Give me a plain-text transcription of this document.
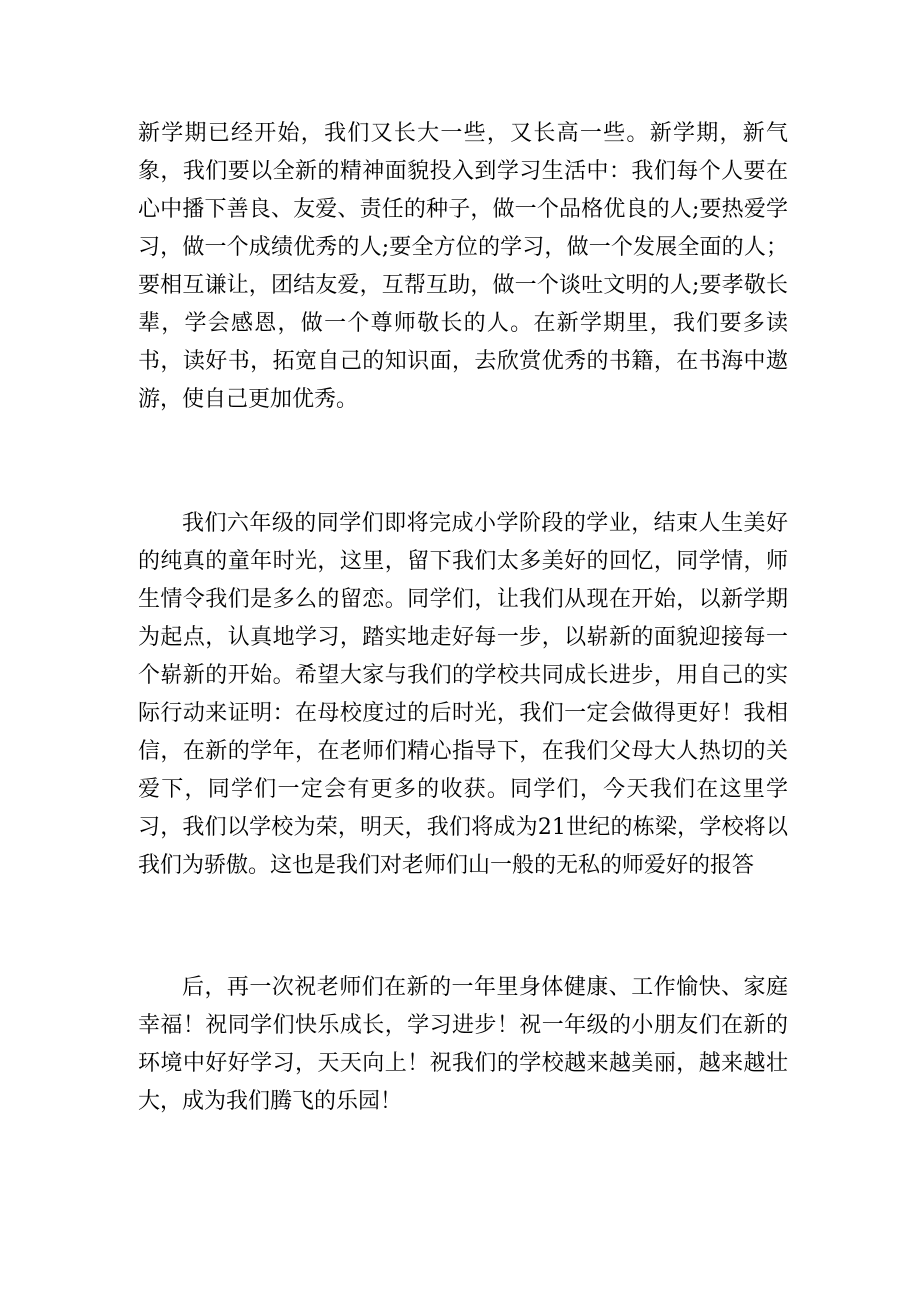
新学期已经开始，我们又长大一些，又长高一些。新学期，新气象，我们要以全新的精神面貌投入到学习生活中：我们每个人要在心中播下善良、友爱、责任的种子，做一个品格优良的人;要热爱学习，做一个成绩优秀的人;要全方位的学习，做一个发展全面的人；要相互谦让，团结友爱，互帮互助，做一个谈吐文明的人;要孝敬长辈，学会感恩，做一个尊师敬长的人。在新学期里，我们要多读书，读好书，拓宽自己的知识面，去欣赏优秀的书籍，在书海中遨游，使自己更加优秀。

我们六年级的同学们即将完成小学阶段的学业，结束人生美好的纯真的童年时光，这里，留下我们太多美好的回忆，同学情，师生情令我们是多么的留恋。同学们，让我们从现在开始，以新学期为起点，认真地学习，踏实地走好每一步，以崭新的面貌迎接每一个崭新的开始。希望大家与我们的学校共同成长进步，用自己的实际行动来证明：在母校度过的后时光，我们一定会做得更好！我相信，在新的学年，在老师们精心指导下，在我们父母大人热切的关爱下，同学们一定会有更多的收获。同学们，今天我们在这里学习，我们以学校为荣，明天，我们将成为21世纪的栋梁，学校将以我们为骄傲。这也是我们对老师们山一般的无私的师爱好的报答

后，再一次祝老师们在新的一年里身体健康、工作愉快、家庭幸福！祝同学们快乐成长，学习进步！祝一年级的小朋友们在新的环境中好好学习，天天向上！祝我们的学校越来越美丽，越来越壮大，成为我们腾飞的乐园！
